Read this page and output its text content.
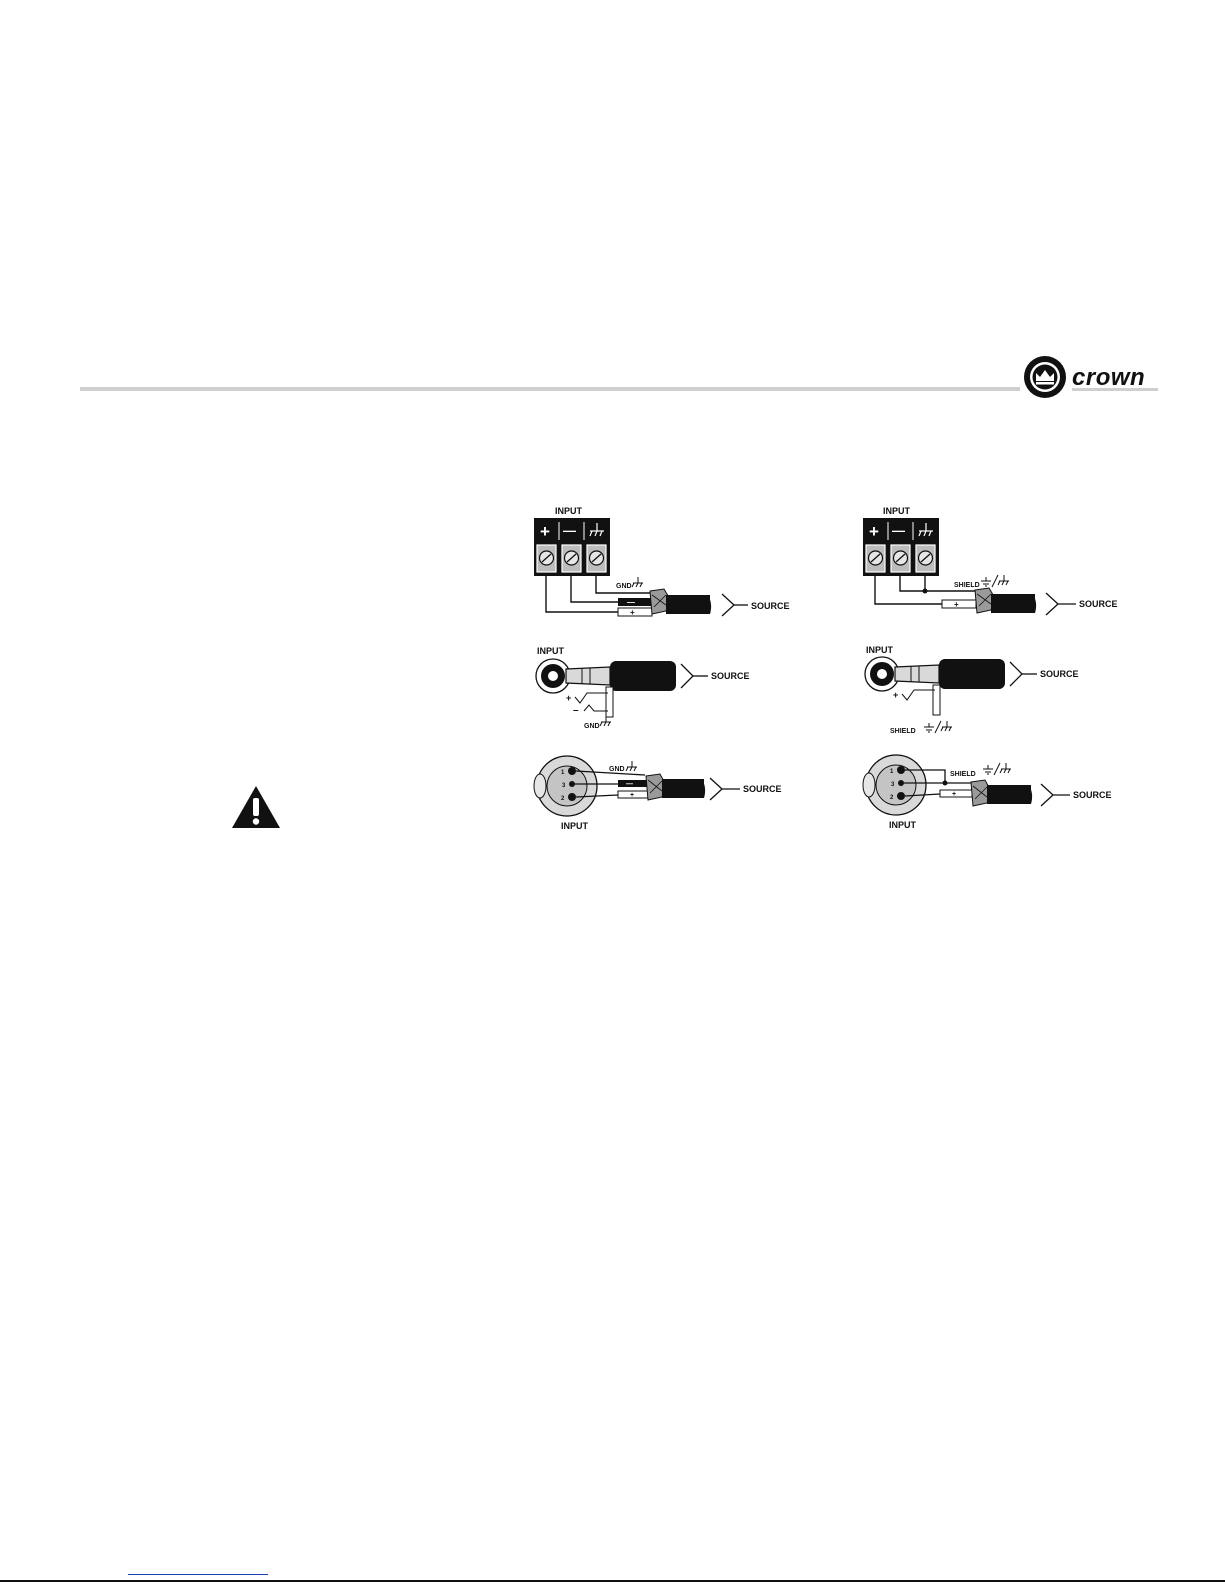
crown
INPUT
+ —
—
+
GND
SOURCE
INPUT
SOURCE
+
–
GND
1
3
2
—
+
GND
SOURCE
INPUT
INPUT
+ —
+
SHIELD
SOURCE
INPUT
SOURCE
+
SHIELD
1
3
2	+
SHIELD
SOURCE
INPUT
